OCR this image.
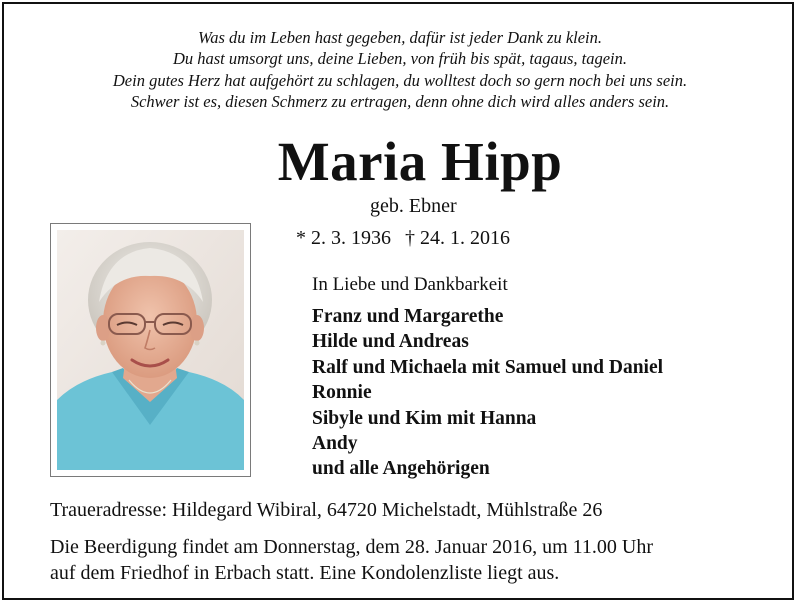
Was du im Leben hast gegeben, dafür ist jeder Dank zu klein.
Du hast umsorgt uns, deine Lieben, von früh bis spät, tagaus, tagein.
Dein gutes Herz hat aufgehört zu schlagen, du wolltest doch so gern noch bei uns sein.
Schwer ist es, diesen Schmerz zu ertragen, denn ohne dich wird alles anders sein.
Maria Hipp
geb. Ebner
* 2. 3. 1936 † 24. 1. 2016
In Liebe und Dankbarkeit
Franz und Margarethe
Hilde und Andreas
Ralf und Michaela mit Samuel und Daniel
Ronnie
Sibyle und Kim mit Hanna
Andy
und alle Angehörigen
Traueradresse: Hildegard Wibiral, 64720 Michelstadt, Mühlstraße 26
Die Beerdigung findet am Donnerstag, dem 28. Januar 2016, um 11.00 Uhr
auf dem Friedhof in Erbach statt. Eine Kondolenzliste liegt aus.
